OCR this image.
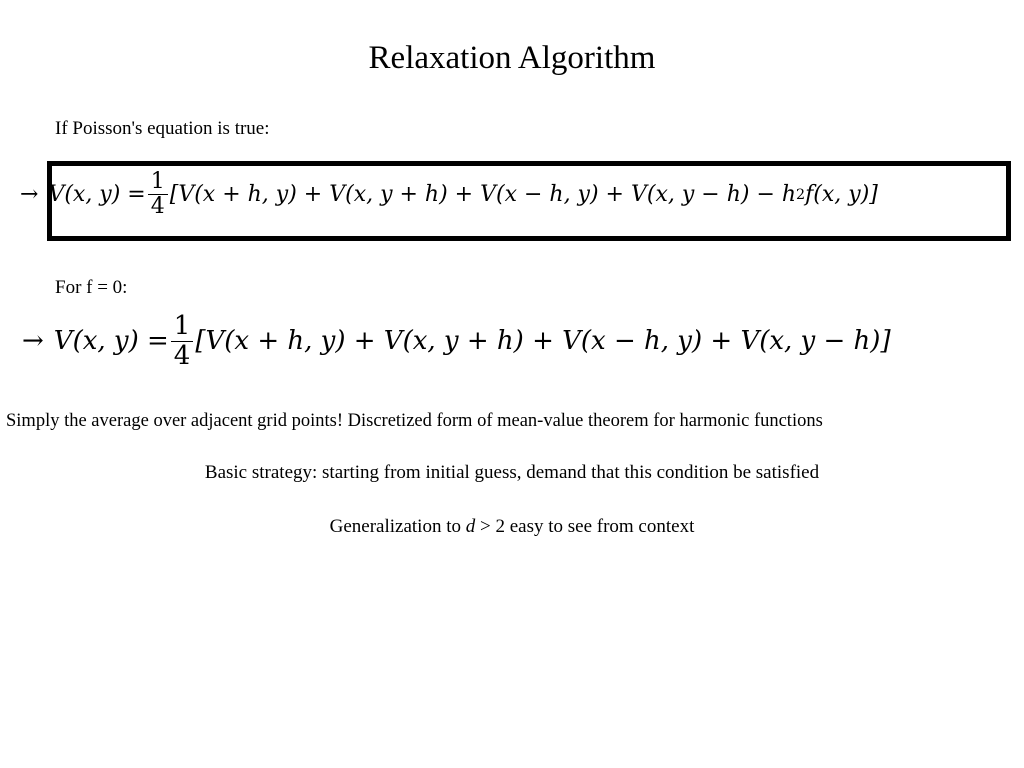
Relaxation Algorithm
If Poisson's equation is true:
→ V(x, $y) = \frac{1}{4} [V(x + h$, y) + V(x, y + h) + V(x − h, y) + V(x, y − h) − h 2 f(x, y)]
For f = 0:
→ V(x, $y) = \frac{1}{4} [V(x + h$, y) + V(x, y + h) + V(x − h, y) + V(x, y − h)]
Simply the average over adjacent grid points! Discretized form of mean-value theorem for harmonic functions
Basic strategy: starting from initial guess, demand that this condition be satisfied
Generalization to d > 2 easy to see from context
